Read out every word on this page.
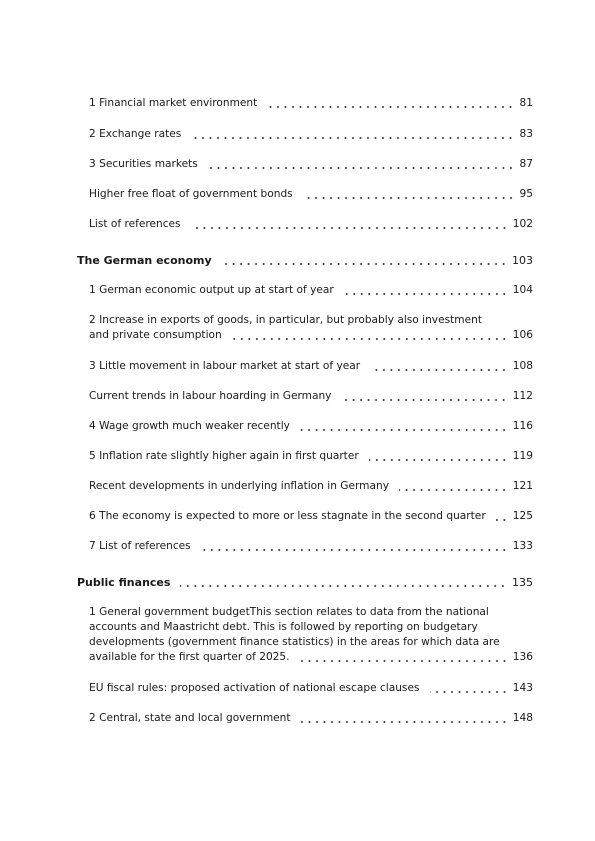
1 Financial market environment	81
2 Exchange rates	83
3 Securities markets	87
Higher free float of government bonds	95
List of references	102
The German economy	103
1 German economic output up at start of year	104
2 Increase in exports of goods, in particular, but probably also investment
and private consumption	106
3 Little movement in labour market at start of year	108
Current trends in labour hoarding in Germany	112
4 Wage growth much weaker recently	116
5 Inflation rate slightly higher again in first quarter	119
Recent developments in underlying inflation in Germany	121
6 The economy is expected to more or less stagnate in the second quarter	125
7 List of references	133
Public finances	135
1 General government budgetThis section relates to data from the national
accounts and Maastricht debt. This is followed by reporting on budgetary
developments (government finance statistics) in the areas for which data are
available for the first quarter of 2025.	136
EU fiscal rules: proposed activation of national escape clauses	143
2 Central, state and local government	148
